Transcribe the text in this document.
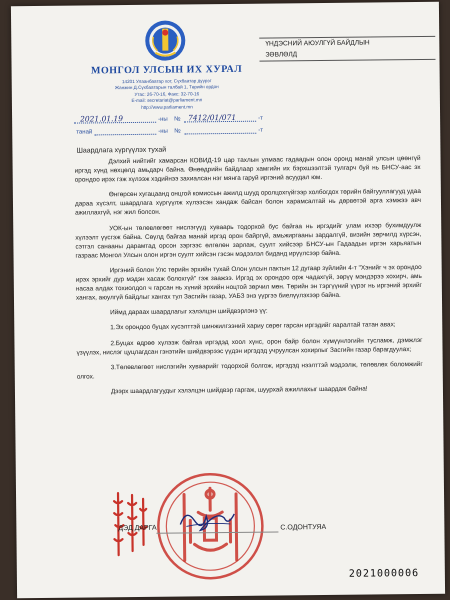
МОНГОЛ УЛСЫН ИХ ХУРАЛ
14201 Улаанбаатар хот, Сүхбаатар дүүрэг
Жанжин Д.Сүхбаатарын талбай 1, Төрийн ордон
Утас: 26-70-16, Факс: 32-70-16
E-mail: secretariat@parliament.mn
http://www.parliament.mn
ҮНДЭСНИЙ АЮУЛГҮЙ БАЙДЛЫН
ЗӨВЛӨЛД
2021.01.19	-ны № 7412/01/071	-т
танай	-ны №	-т
Шаардлага хүргүүлэх тухай

Дэлхий нийтийг хамарсан КОВИД-19 цар тахлын улмаас гадаадын олон оронд манай улсын цөөнгүй иргэд хүнд нөхцөлд амьдарч байна. Өнөөдрийн байдлаар хамгийн их бэрхшээлтэй тулгарч буй нь БНСУ-аас эх орондоо ирэх гэж хүлээж хэдийнээ захиалсан нэг мянга гаруй иргэний асуудал юм.

Өнгөрсөн хугацаанд онцгой комиссын ажилд шууд оролцохгүйгээр холбогдох төрийн байгууллагууд удаа дараа хүсэлт, шаардлага хүргүүлж хүлээсэн хандаж байсан болон харамсалтай нь дөрвөтэй арга хэмжээ авч ажиллахгүй, нэг жил болсон.

УОК-ын төлөвлөгөөт нислэгүүд хуваарь тодорхой бус байгаа нь иргэдийг улам ихээр бухимдуулж хүлээлт үүсгэж байна. Сөүлд байгаа манай иргэд орон байргүй, амьжиргааны зардалгүй, визийн зөрчилд хүрсэн, сэтгэл санааны дарамтад орсон зэргээс өлгөлөн зарлаж, суулт хийсээр БНСУ-ын Гадаадын иргэн харьяатын газраас Монгол Улсын олон иргэн суулт хийсэн гэсэн мэдээлэл биданд ирүүлсээр байна.

Иргэний болон Улс төрийн эрхийн тухай Олон улсын пактын 12 дугаар зүйлийн 4-т "Хэнийг ч эх орондоо ирэх эрхийг дур мэдэн хасаж болохгүй" гэж заажээ. Иргэд эх орондоо орж чадахгүй, зөрүү мэндэрээ хохирч, амь насаа алдах тохиолдол ч гарсан нь хүний эрхийн ноцтой зөрчил мөн. Төрийн эн тэргүүний үүрэг нь иргэний эрхийг хангах, аюулгүй байдлыг хангах тул Засгийн газар, УАБЗ энэ үүргээ биелүүлэхээр байна.

Иймд дараах шаардлагыг хэлэлцэн шийдвэрлэнэ үү:

1.Эх орондоо буцах хүсэлттэй шинжилгээний хариу сөрөг гарсан иргэдийг яаралтай татан авах;

2.Буцах өдрөө хүлээж байгаа иргэдэд хоол хүнс, орон байр болон хүмүүнлэгийн тусламж, дэмжлэг үзүүлэх, нислэг цуцлагдсан гэнэтийн шийдвэрээс үүдэн иргэдэд учруулсан хохирлыг Засгийн газар барагдуулах;

3.Төлөвлөгөөт нислэгийн хуваарийг тодорхой болгож, иргэдэд нээлттэй мэдээлж, төлөвлөх боломжийг олгох.

Дээрх шаардлагуудыг хэлэлцэн шийдвэр гаргаж, шуурхай ажиллахыг шаардаж байна!

ДЭД ДАРГА	С.ОДОНТУЯА
2021000006
